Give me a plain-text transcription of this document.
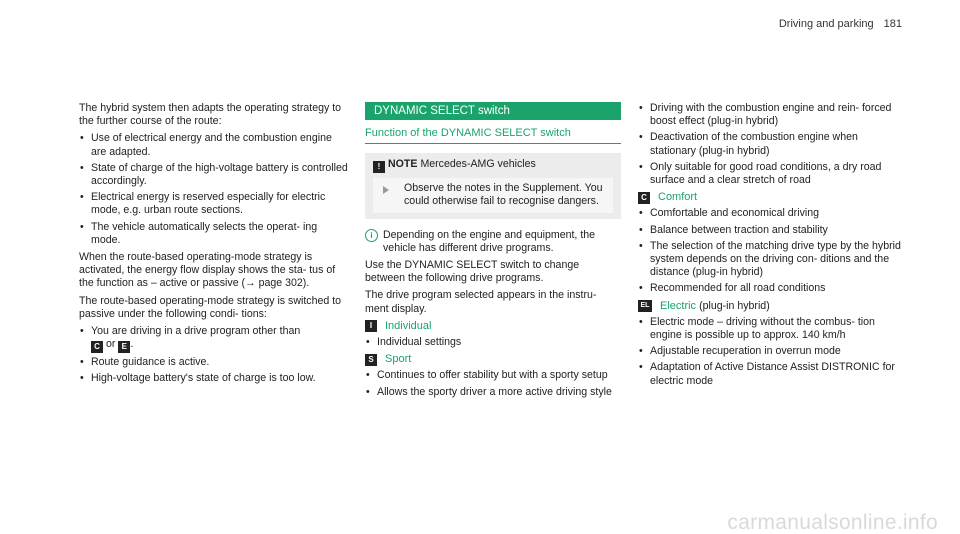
Driving and parking 181

The hybrid system then adapts the operating strategy to the further course of the route:

• Use of electrical energy and the combustion engine are adapted.
• State of charge of the high-voltage battery is controlled accordingly.
• Electrical energy is reserved especially for electric mode, e.g. urban route sections.
• The vehicle automatically selects the operat- ing mode.

When the route-based operating-mode strategy is activated, the energy flow display shows the sta- tus of the function as – active or passive (→ page 302).

The route-based operating-mode strategy is switched to passive under the following condi- tions:

• You are driving in a drive program other than
C or E .
• Route guidance is active.
• High-voltage battery's state of charge is too low.
DYNAMIC SELECT switch
Function of the DYNAMIC SELECT switch
! NOTE Mercedes-AMG vehicles
Observe the notes in the Supplement. You could otherwise fail to recognise dangers.
i Depending on the engine and equipment, the vehicle has different drive programs.

Use the DYNAMIC SELECT switch to change between the following drive programs.

The drive program selected appears in the instru- ment display.

I	Individual
• Individual settings
S	Sport
• Continues to offer stability but with a sporty setup
• Allows the sporty driver a more active driving style
• Driving with the combustion engine and rein- forced boost effect (plug-in hybrid)
• Deactivation of the combustion engine when stationary (plug-in hybrid)
• Only suitable for good road conditions, a dry road surface and a clear stretch of road
C Comfort
• Comfortable and economical driving
• Balance between traction and stability
• The selection of the matching drive type by the hybrid system depends on the driving con- ditions and the distance (plug-in hybrid)
• Recommended for all road conditions
EL Electric (plug-in hybrid)
• Electric mode – driving without the combus- tion engine is possible up to approx. 140 km/h
• Adjustable recuperation in overrun mode
• Adaptation of Active Distance Assist DISTRONIC for electric mode
carmanualsonline.info
